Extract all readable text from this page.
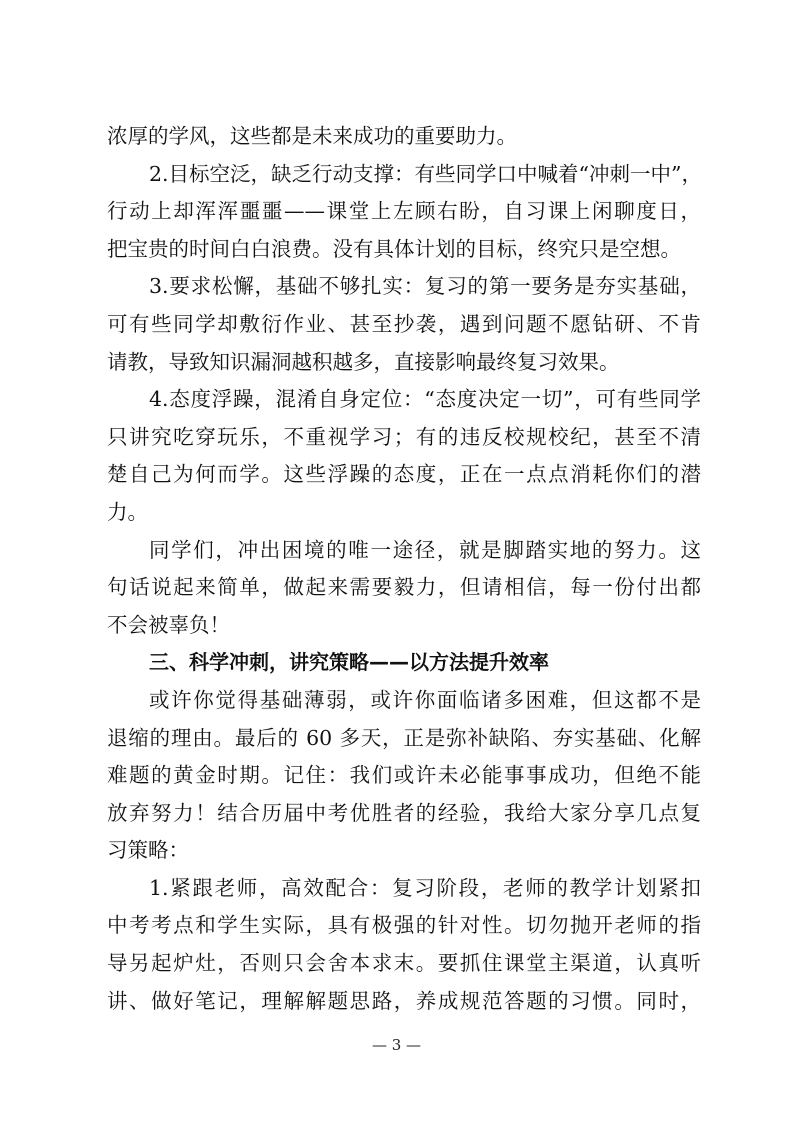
浓厚的学风，这些都是未来成功的重要助力。
2.目标空泛，缺乏行动支撑：有些同学口中喊着“冲刺一中”，
行动上却浑浑噩噩——课堂上左顾右盼，自习课上闲聊度日，
把宝贵的时间白白浪费。没有具体计划的目标，终究只是空想。
3.要求松懈，基础不够扎实：复习的第一要务是夯实基础，
可有些同学却敷衍作业、甚至抄袭，遇到问题不愿钻研、不肯
请教，导致知识漏洞越积越多，直接影响最终复习效果。
4.态度浮躁，混淆自身定位：“态度决定一切”，可有些同学
只讲究吃穿玩乐，不重视学习；有的违反校规校纪，甚至不清
楚自己为何而学。这些浮躁的态度，正在一点点消耗你们的潜
力。
同学们，冲出困境的唯一途径，就是脚踏实地的努力。这
句话说起来简单，做起来需要毅力，但请相信，每一份付出都
不会被辜负！
三、科学冲刺，讲究策略——以方法提升效率
或许你觉得基础薄弱，或许你面临诸多困难，但这都不是
退缩的理由。最后的 60 多天，正是弥补缺陷、夯实基础、化解
难题的黄金时期。记住：我们或许未必能事事成功，但绝不能
放弃努力！结合历届中考优胜者的经验，我给大家分享几点复
习策略：
1.紧跟老师，高效配合：复习阶段，老师的教学计划紧扣
中考考点和学生实际，具有极强的针对性。切勿抛开老师的指
导另起炉灶，否则只会舍本求末。要抓住课堂主渠道，认真听
讲、做好笔记，理解解题思路，养成规范答题的习惯。同时，
— 3 —
